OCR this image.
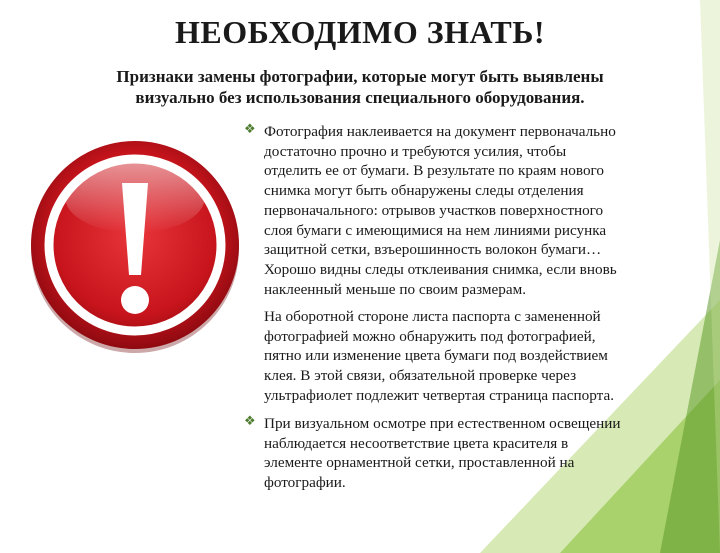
НЕОБХОДИМО ЗНАТЬ!
Признаки замены фотографии, которые могут быть выявлены
визуально без использования специального оборудования.
❖ Фотография наклеивается на документ первоначально
достаточно прочно и требуются усилия, чтобы
отделить ее от бумаги. В результате по краям нового
снимка могут быть обнаружены следы отделения
первоначального: отрывов участков поверхностного
слоя бумаги с имеющимися на нем линиями рисунка
защитной сетки, взъерошинность волокон бумаги…
Хорошо видны следы отклеивания снимка, если вновь
наклеенный меньше по своим размерам.
На оборотной стороне листа паспорта с замененной
фотографией можно обнаружить под фотографией,
пятно или изменение цвета бумаги под воздействием
клея. В этой связи, обязательной проверке через
ультрафиолет подлежит четвертая страница паспорта.
❖ При визуальном осмотре при естественном освещении
наблюдается несоответствие цвета красителя в
элементе орнаментной сетки, проставленной на
фотографии.
